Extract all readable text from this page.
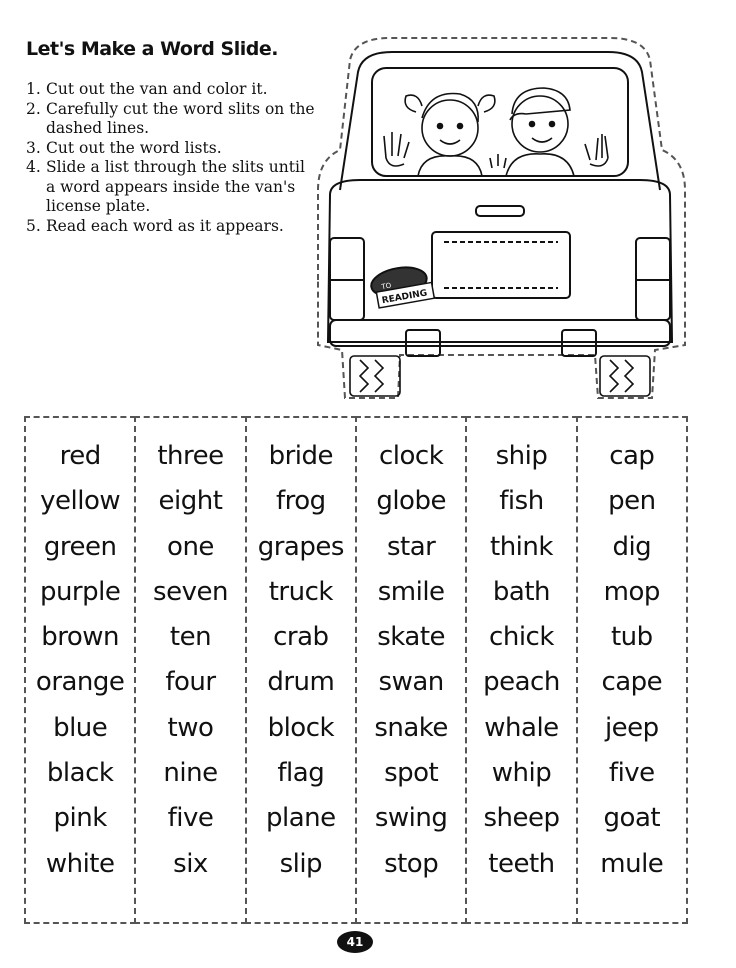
Let's Make a Word Slide.
1. Cut out the van and color it.
2. Carefully cut the word slits on the dashed lines.
3. Cut out the word lists.
4. Slide a list through the slits until a word appears inside the van's license plate.
5. Read each word as it appears.
TO
READING
red
yellow
green
purple
brown
orange
blue
black
pink
white
three
eight
one
seven
ten
four
two
nine
five
six
bride
frog
grapes
truck
crab
drum
block
flag
plane
slip
clock
globe
star
smile
skate
swan
snake
spot
swing
stop
ship
fish
think
bath
chick
peach
whale
whip
sheep
teeth
cap
pen
dig
mop
tub
cape
jeep
five
goat
mule
41
